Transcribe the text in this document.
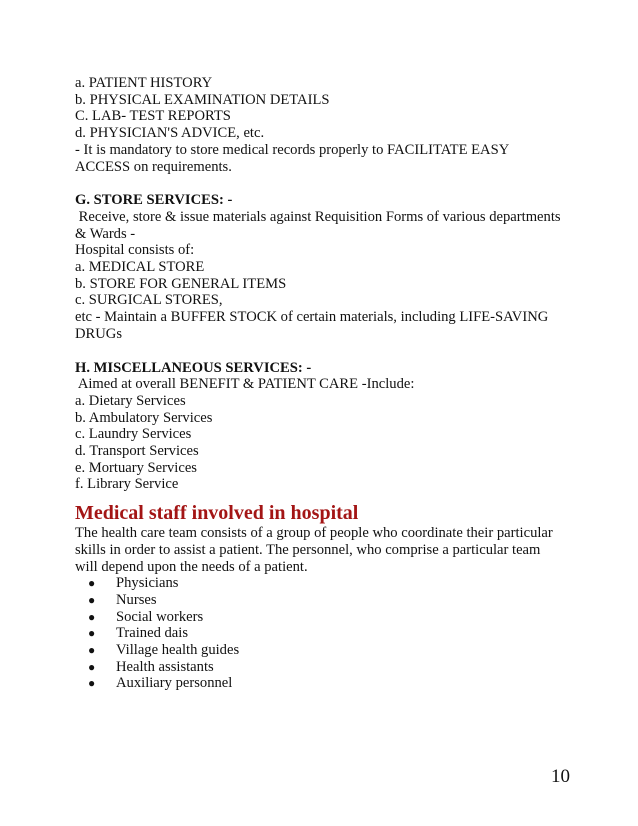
a. PATIENT HISTORY
b. PHYSICAL EXAMINATION DETAILS
C. LAB- TEST REPORTS
d. PHYSICIAN'S ADVICE, etc.
- It is mandatory to store medical records properly to FACILITATE EASY
ACCESS on requirements.
G. STORE SERVICES: -
Receive, store & issue materials against Requisition Forms of various departments
& Wards -
Hospital consists of:
a. MEDICAL STORE
b. STORE FOR GENERAL ITEMS
c. SURGICAL STORES,
etc - Maintain a BUFFER STOCK of certain materials, including LIFE-SAVING
DRUGs
H. MISCELLANEOUS SERVICES: -
Aimed at overall BENEFIT & PATIENT CARE -Include:
a. Dietary Services
b. Ambulatory Services
c. Laundry Services
d. Transport Services
e. Mortuary Services
f. Library Service
Medical staff involved in hospital
The health care team consists of a group of people who coordinate their particular
skills in order to assist a patient. The personnel, who comprise a particular team
will depend upon the needs of a patient.
● Physicians
● Nurses
● Social workers
● Trained dais
● Village health guides
● Health assistants
● Auxiliary personnel
10
